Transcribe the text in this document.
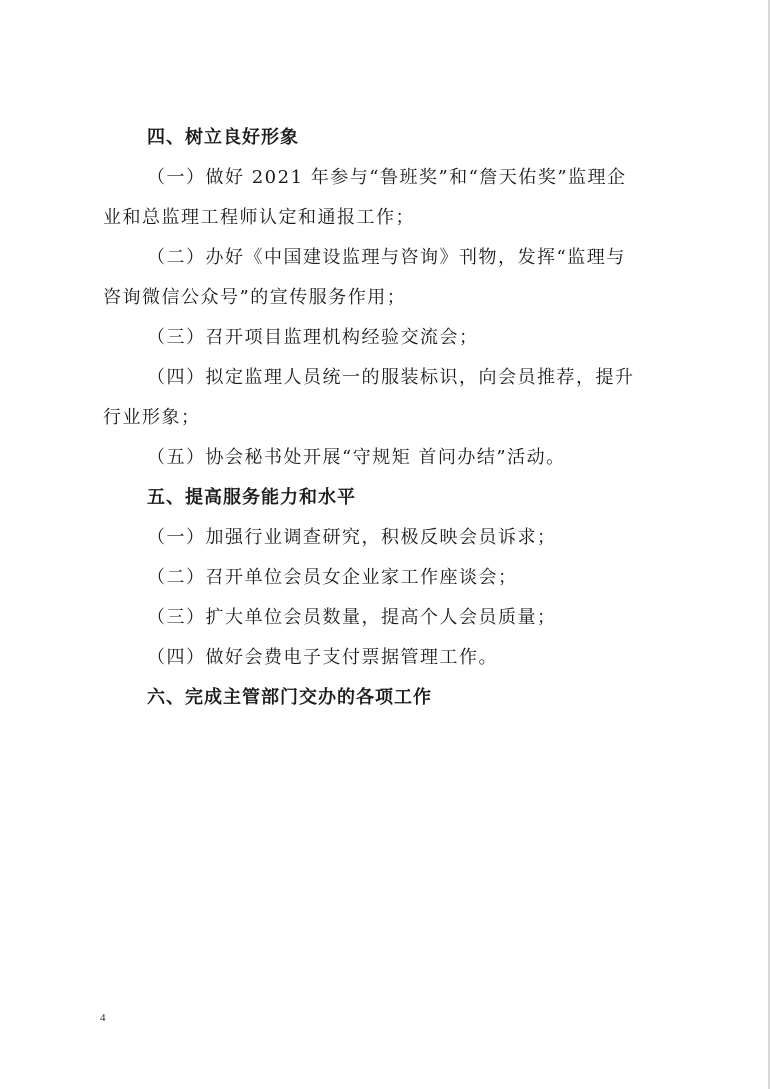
四、树立良好形象
（一）做好 2021 年参与“鲁班奖”和“詹天佑奖”监理企
业和总监理工程师认定和通报工作；
（二）办好《中国建设监理与咨询》刊物，发挥“监理与
咨询微信公众号”的宣传服务作用；
（三）召开项目监理机构经验交流会；
（四）拟定监理人员统一的服装标识，向会员推荐，提升
行业形象；
（五）协会秘书处开展“守规矩 首问办结”活动。
五、提高服务能力和水平
（一）加强行业调查研究，积极反映会员诉求；
（二）召开单位会员女企业家工作座谈会；
（三）扩大单位会员数量，提高个人会员质量；
（四）做好会费电子支付票据管理工作。
六、完成主管部门交办的各项工作
4
